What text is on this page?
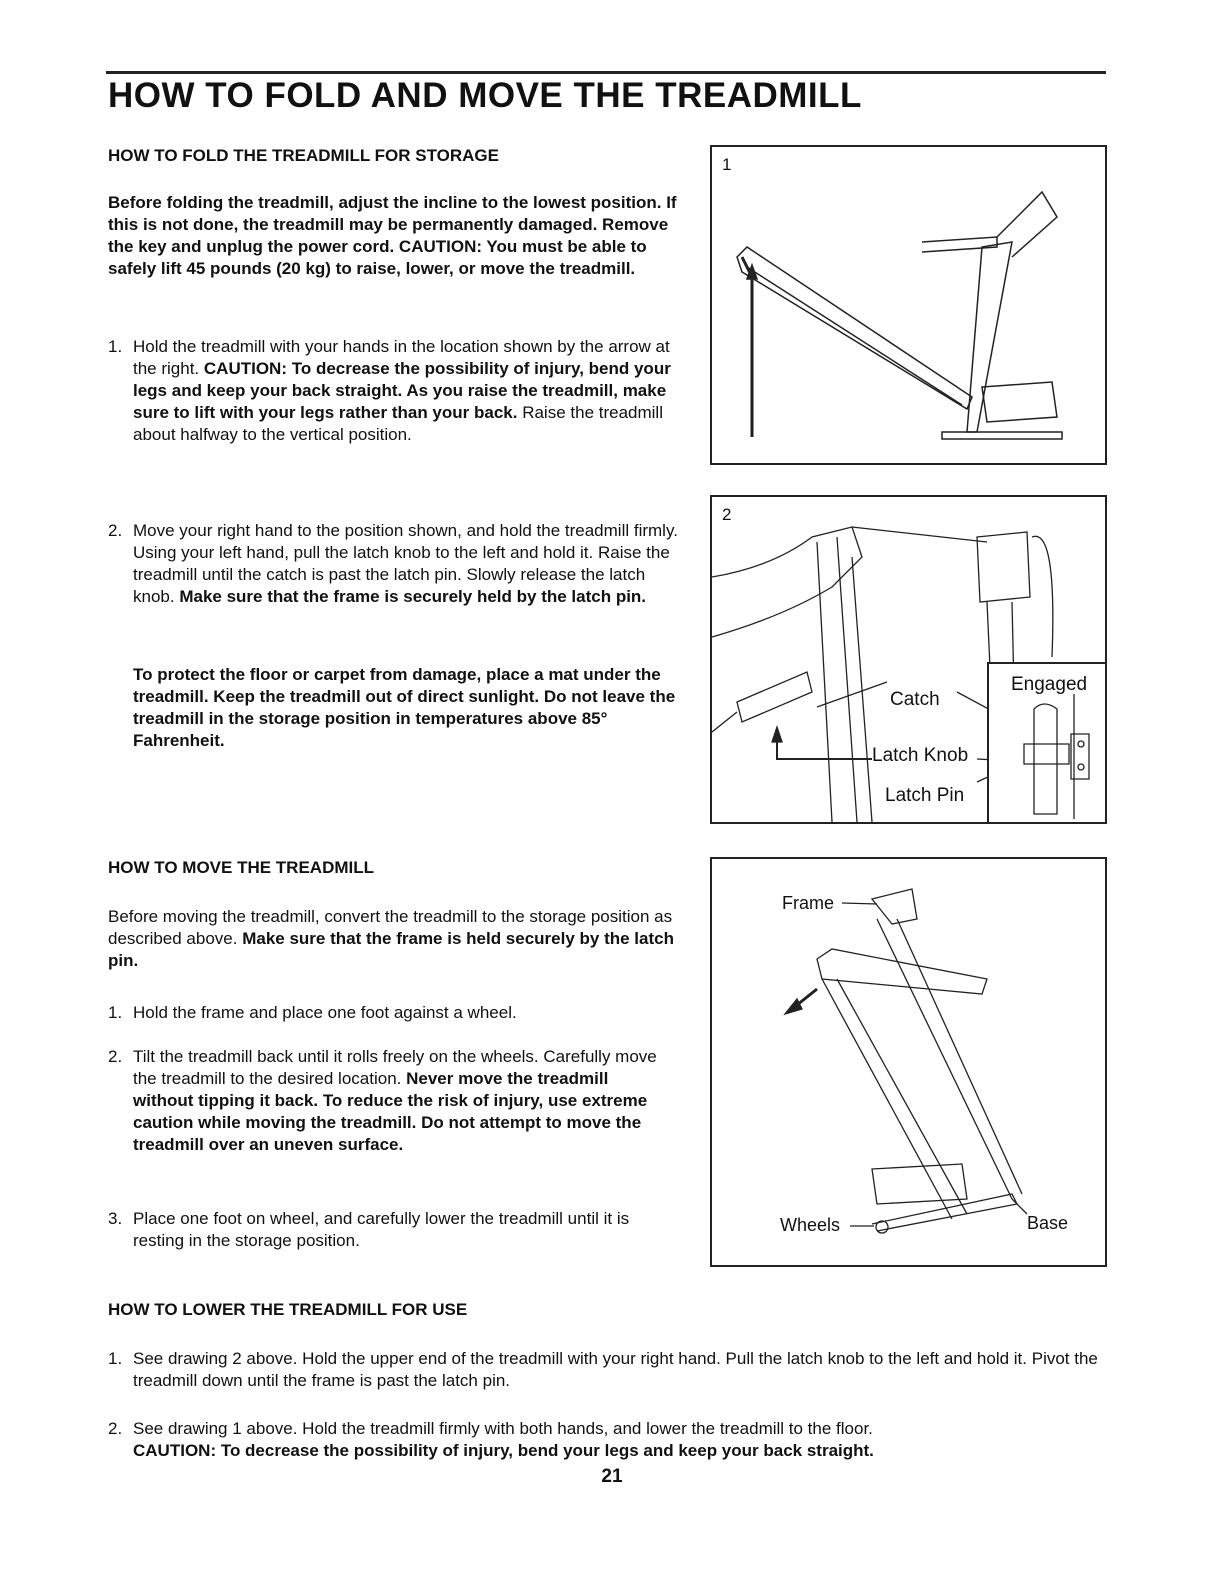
HOW TO FOLD AND MOVE THE TREADMILL
HOW TO FOLD THE TREADMILL FOR STORAGE

Before folding the treadmill, adjust the incline to the lowest position. If this is not done, the treadmill may be permanently damaged. Remove the key and unplug the power cord. CAUTION: You must be able to safely lift 45 pounds (20 kg) to raise, lower, or move the treadmill.

1. Hold the treadmill with your hands in the location shown by the arrow at the right. CAUTION: To decrease the possibility of injury, bend your legs and keep your back straight. As you raise the treadmill, make sure to lift with your legs rather than your back. Raise the treadmill about halfway to the vertical position.
2. Move your right hand to the position shown, and hold the treadmill firmly. Using your left hand, pull the latch knob to the left and hold it. Raise the treadmill until the catch is past the latch pin. Slowly release the latch knob. Make sure that the frame is securely held by the latch pin.

To protect the floor or carpet from damage, place a mat under the treadmill. Keep the treadmill out of direct sunlight. Do not leave the treadmill in the storage position in temperatures above 85° Fahrenheit.

HOW TO MOVE THE TREADMILL

Before moving the treadmill, convert the treadmill to the storage position as described above. Make sure that the frame is held securely by the latch pin.

1. Hold the frame and place one foot against a wheel.
2. Tilt the treadmill back until it rolls freely on the wheels. Carefully move the treadmill to the desired location. Never move the treadmill without tipping it back. To reduce the risk of injury, use extreme caution while moving the treadmill. Do not attempt to move the treadmill over an uneven surface.
3. Place one foot on wheel, and carefully lower the treadmill until it is resting in the storage position.
HOW TO LOWER THE TREADMILL FOR USE
1. See drawing 2 above. Hold the upper end of the treadmill with your right hand. Pull the latch knob to the left and hold it. Pivot the treadmill down until the frame is past the latch pin.
2. See drawing 1 above. Hold the treadmill firmly with both hands, and lower the treadmill to the floor.
CAUTION: To decrease the possibility of injury, bend your legs and keep your back straight.
1
2
Engaged
Catch
Latch Knob
Latch Pin
Frame
Wheels	Base
21
